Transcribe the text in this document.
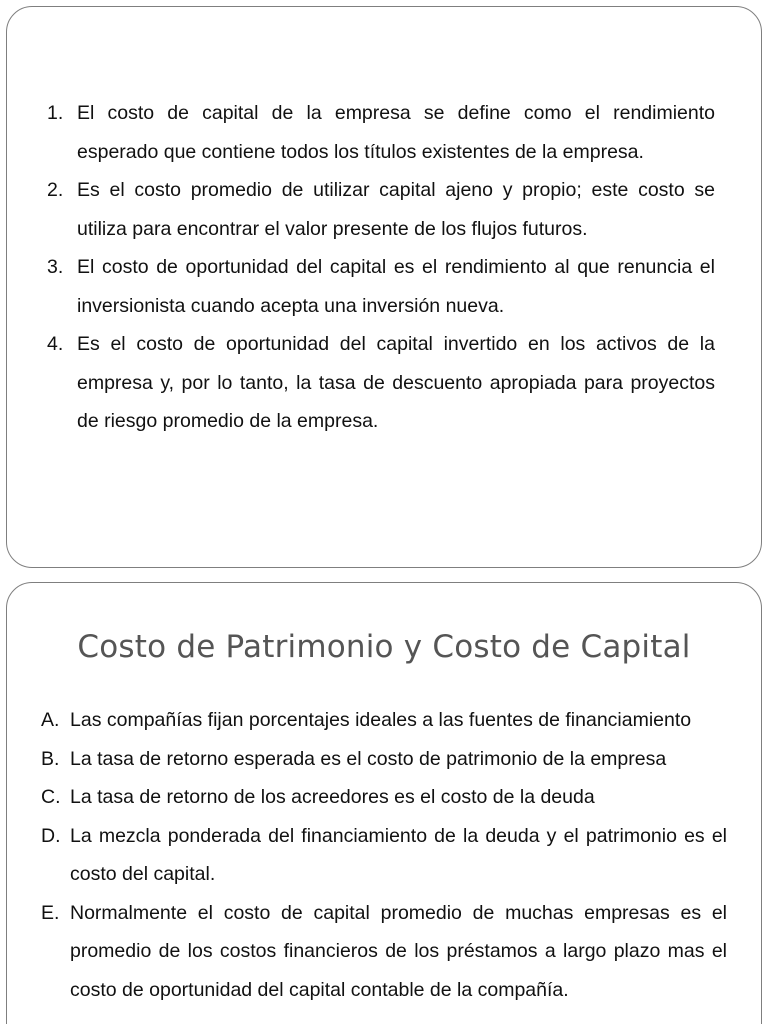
1. El costo de capital de la empresa se define como el rendimiento esperado que contiene todos los títulos existentes de la empresa.
2. Es el costo promedio de utilizar capital ajeno y propio; este costo se utiliza para encontrar el valor presente de los flujos futuros.
3. El costo de oportunidad del capital es el rendimiento al que renuncia el inversionista cuando acepta una inversión nueva.
4. Es el costo de oportunidad del capital invertido en los activos de la empresa y, por lo tanto, la tasa de descuento apropiada para proyectos de riesgo promedio de la empresa.
Costo de Patrimonio y Costo de Capital
A. Las compañías fijan porcentajes ideales a las fuentes de financiamiento
B. La tasa de retorno esperada es el costo de patrimonio de la empresa
C. La tasa de retorno de los acreedores es el costo de la deuda
D. La mezcla ponderada del financiamiento de la deuda y el patrimonio es el costo del capital.
E. Normalmente el costo de capital promedio de muchas empresas es el promedio de los costos financieros de los préstamos a largo plazo mas el costo de oportunidad del capital contable de la compañía.
